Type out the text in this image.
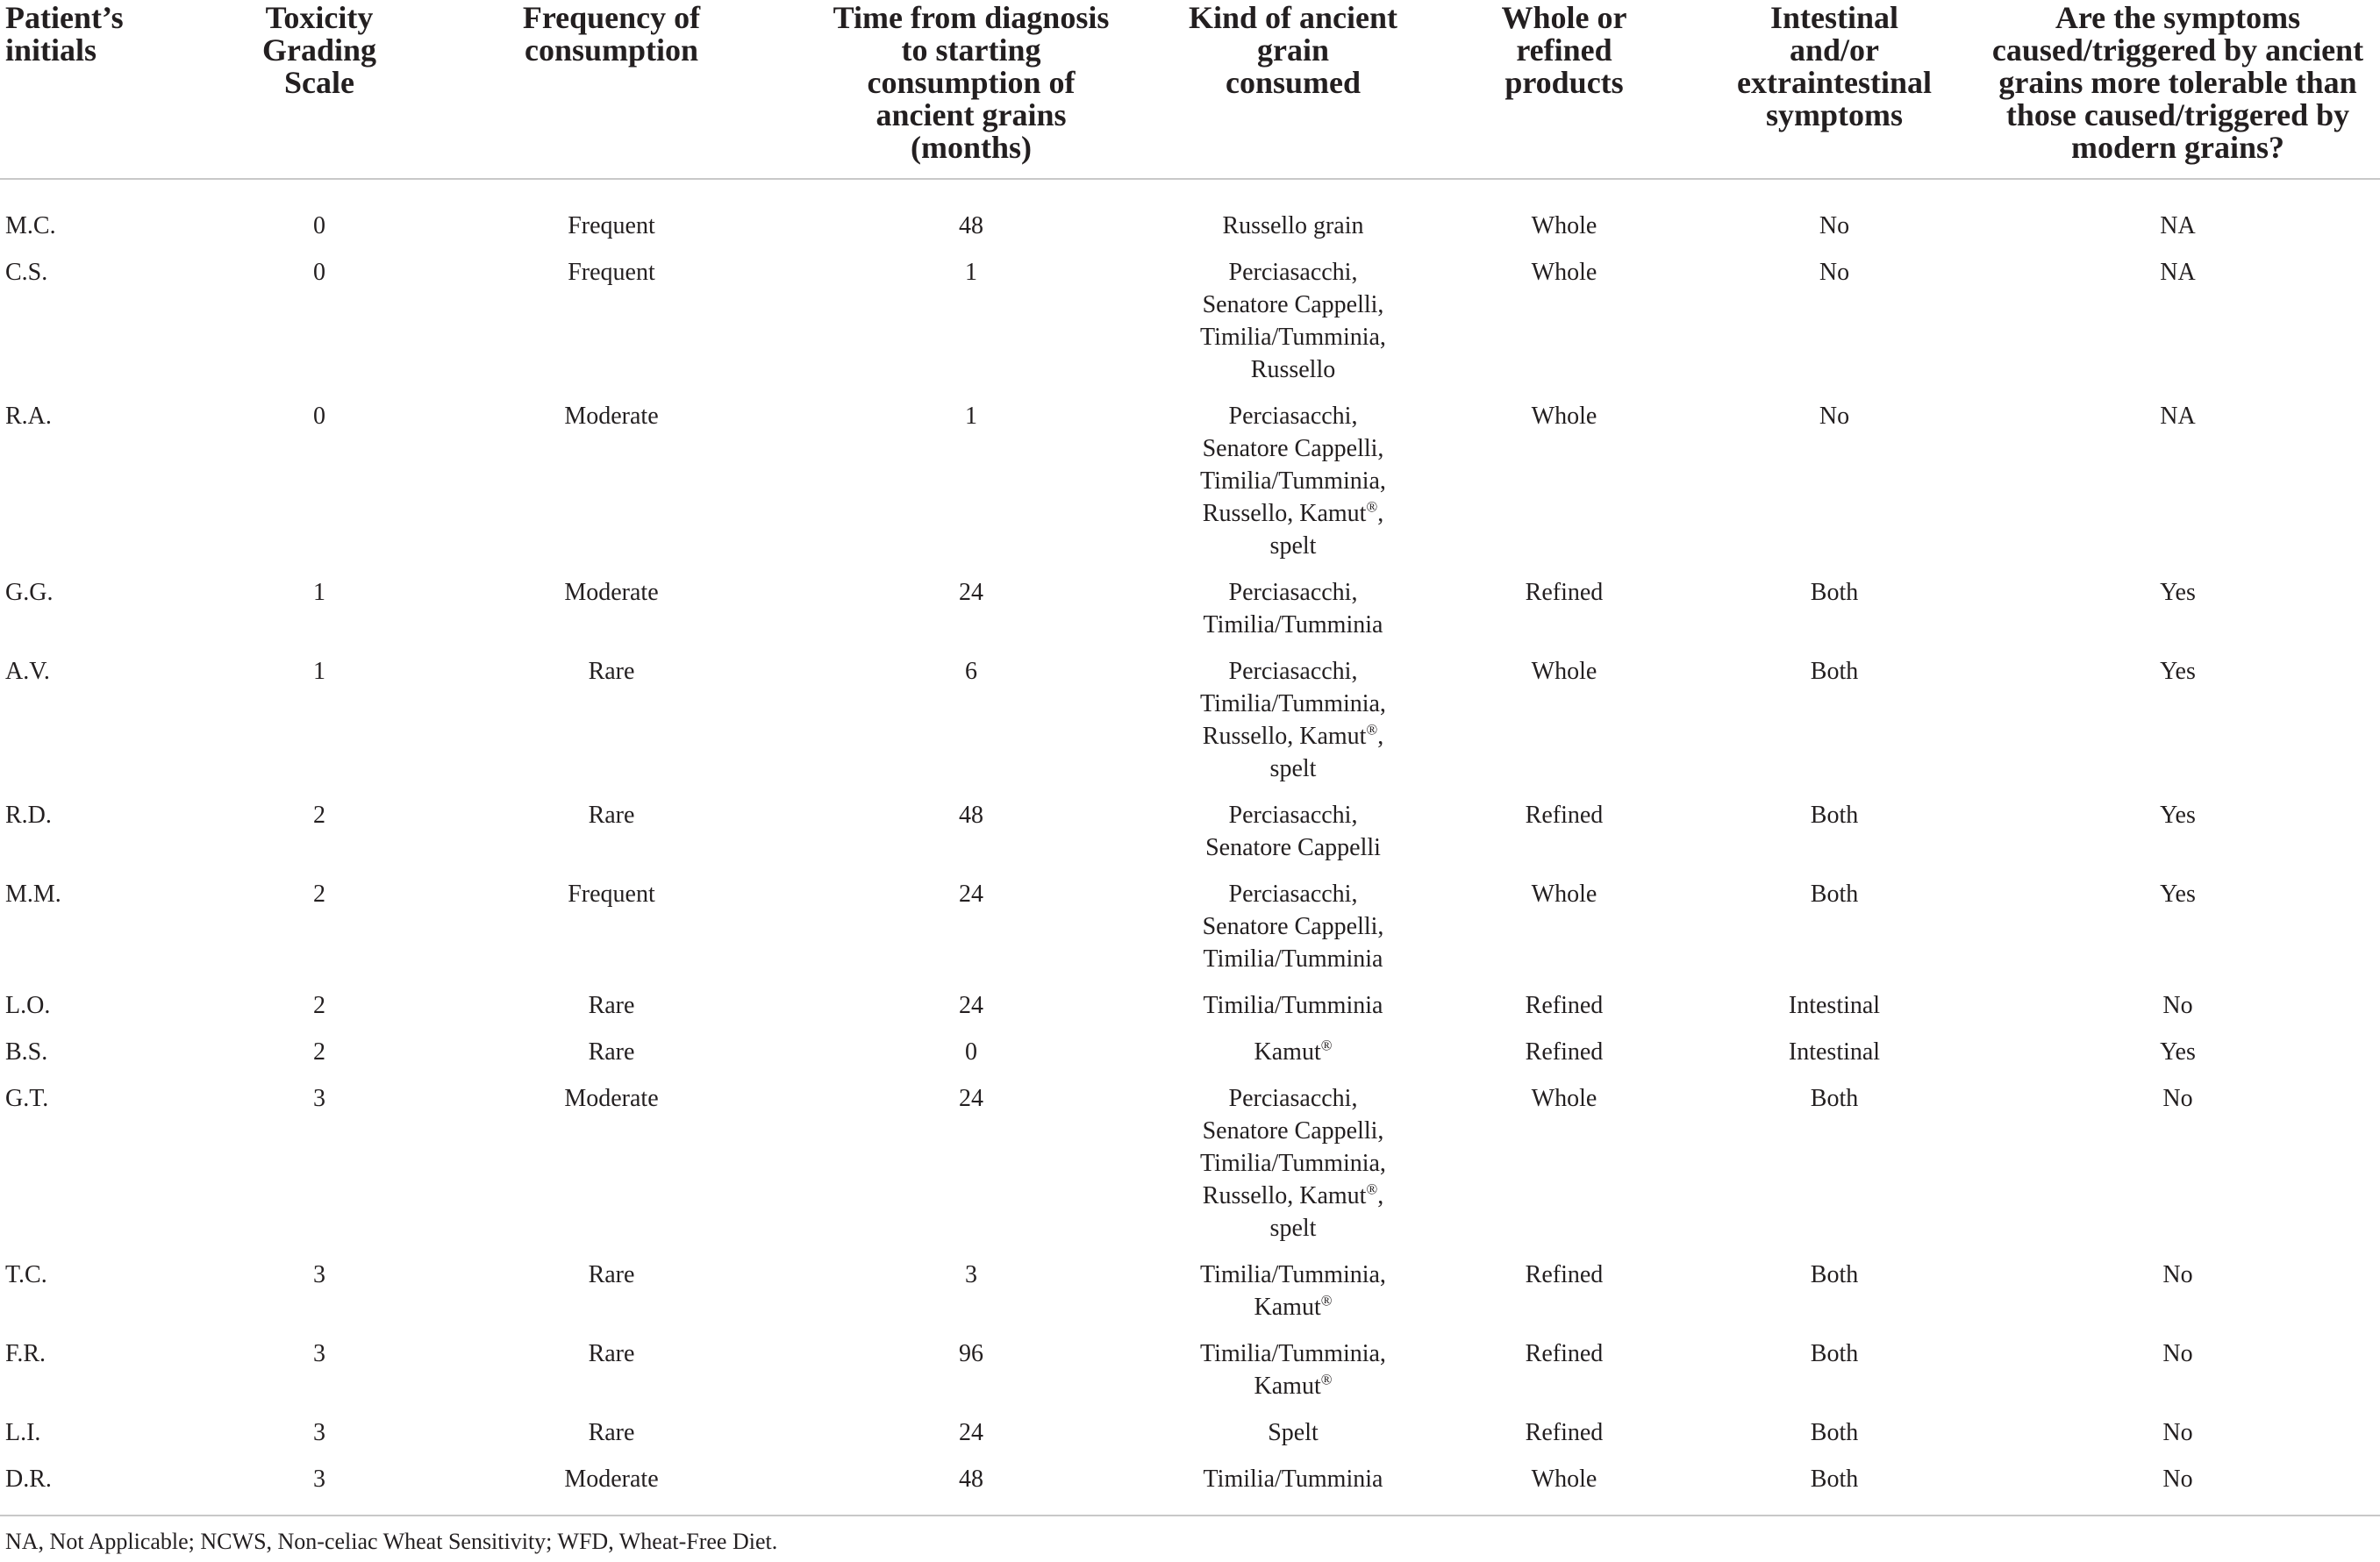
Patient’s
initials	Toxicity
Grading
Scale	Frequency of
consumption	Time from diagnosis
to starting
consumption of
ancient grains
(months)	Kind of ancient
grain
consumed	Whole or
refined
products	Intestinal
and/or
extraintestinal
symptoms	Are the symptoms
caused/triggered by ancient
grains more tolerable than
those caused/triggered by
modern grains?

M.C.	0	Frequent	48	Russello grain	Whole	No	NA
C.S.	0	Frequent	1	Perciasacchi,
Senatore Cappelli,
Timilia/Tumminia,
Russello	Whole	No	NA
R.A.	0	Moderate	1	Perciasacchi,
Senatore Cappelli,
Timilia/Tumminia,
Russello, Kamut®,
spelt	Whole	No	NA
G.G.	1	Moderate	24	Perciasacchi,
Timilia/Tumminia	Refined	Both	Yes
A.V.	1	Rare	6	Perciasacchi,
Timilia/Tumminia,
Russello, Kamut®,
spelt	Whole	Both	Yes
R.D.	2	Rare	48	Perciasacchi,
Senatore Cappelli	Refined	Both	Yes
M.M.	2	Frequent	24	Perciasacchi,
Senatore Cappelli,
Timilia/Tumminia	Whole	Both	Yes
L.O.	2	Rare	24	Timilia/Tumminia	Refined	Intestinal	No
B.S.	2	Rare	0	Kamut®	Refined	Intestinal	Yes
G.T.	3	Moderate	24	Perciasacchi,
Senatore Cappelli,
Timilia/Tumminia,
Russello, Kamut®,
spelt	Whole	Both	No
T.C.	3	Rare	3	Timilia/Tumminia,
Kamut®	Refined	Both	No
F.R.	3	Rare	96	Timilia/Tumminia,
Kamut®	Refined	Both	No
L.I.	3	Rare	24	Spelt	Refined	Both	No
D.R.	3	Moderate	48	Timilia/Tumminia	Whole	Both	No
NA, Not Applicable; NCWS, Non-celiac Wheat Sensitivity; WFD, Wheat-Free Diet.							
